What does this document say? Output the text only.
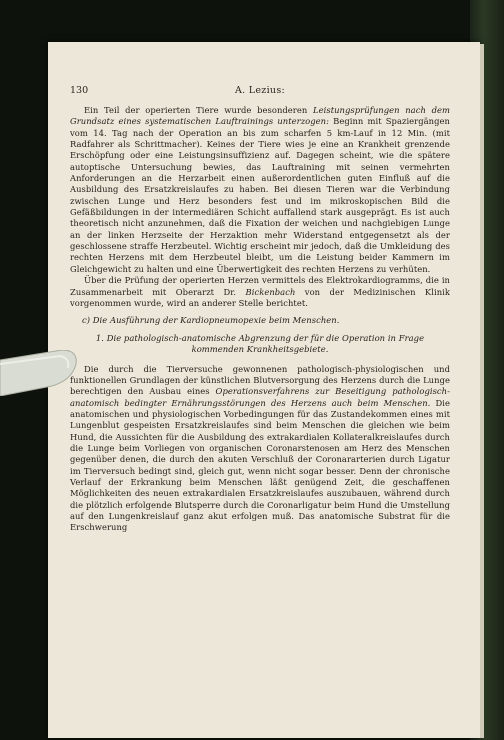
130	A. Lezius:

Ein Teil der operierten Tiere wurde besonderen Leistungsprüfungen nach dem Grundsatz eines systematischen Lauftrainings unterzogen: Beginn mit Spaziergängen vom 14. Tag nach der Operation an bis zum scharfen 5 km-Lauf in 12 Min. (mit Radfahrer als Schrittmacher). Keines der Tiere wies je eine an Krankheit grenzende Erschöpfung oder eine Leistungsinsuffizienz auf. Dagegen scheint, wie die spätere autoptische Untersuchung bewies, das Lauftraining mit seinen vermehrten Anforderungen an die Herzarbeit einen außerordentlichen guten Einfluß auf die Ausbildung des Ersatzkreislaufes zu haben. Bei diesen Tieren war die Verbindung zwischen Lunge und Herz besonders fest und im mikroskopischen Bild die Gefäßbildungen in der intermediären Schicht auffallend stark ausgeprägt. Es ist auch theoretisch nicht anzunehmen, daß die Fixation der weichen und nachgiebigen Lunge an der linken Herzseite der Herzaktion mehr Widerstand entgegensetzt als der geschlossene straffe Herzbeutel. Wichtig erscheint mir jedoch, daß die Umkleidung des rechten Herzens mit dem Herzbeutel bleibt, um die Leistung beider Kammern im Gleichgewicht zu halten und eine Überwertigkeit des rechten Herzens zu verhüten.

Über die Prüfung der operierten Herzen vermittels des Elektrokardiogramms, die in Zusammenarbeit mit Oberarzt Dr. Bickenbach von der Medizinischen Klinik vorgenommen wurde, wird an anderer Stelle berichtet.

c) Die Ausführung der Kardiopneumopexie beim Menschen.

1. Die pathologisch-anatomische Abgrenzung der für die Operation in Frage kommenden Krankheitsgebiete.

Die durch die Tierversuche gewonnenen pathologisch-physiologischen und funktionellen Grundlagen der künstlichen Blutversorgung des Herzens durch die Lunge berechtigen den Ausbau eines Operationsverfahrens zur Beseitigung pathologisch-anatomisch bedingter Ernährungsstörungen des Herzens auch beim Menschen. Die anatomischen und physiologischen Vorbedingungen für das Zustandekommen eines mit Lungenblut gespeisten Ersatzkreislaufes sind beim Menschen die gleichen wie beim Hund, die Aussichten für die Ausbildung des extrakardialen Kollateralkreislaufes durch die Lunge beim Vorliegen von organischen Coronarstenosen am Herz des Menschen gegenüber denen, die durch den akuten Verschluß der Coronararterien durch Ligatur im Tierversuch bedingt sind, gleich gut, wenn nicht sogar besser. Denn der chronische Verlauf der Erkrankung beim Menschen läßt genügend Zeit, die geschaffenen Möglichkeiten des neuen extrakardialen Ersatzkreislaufes auszubauen, während durch die plötzlich erfolgende Blutsperre durch die Coronarligatur beim Hund die Umstellung auf den Lungenkreislauf ganz akut erfolgen muß. Das anatomische Substrat für die Erschwerung
